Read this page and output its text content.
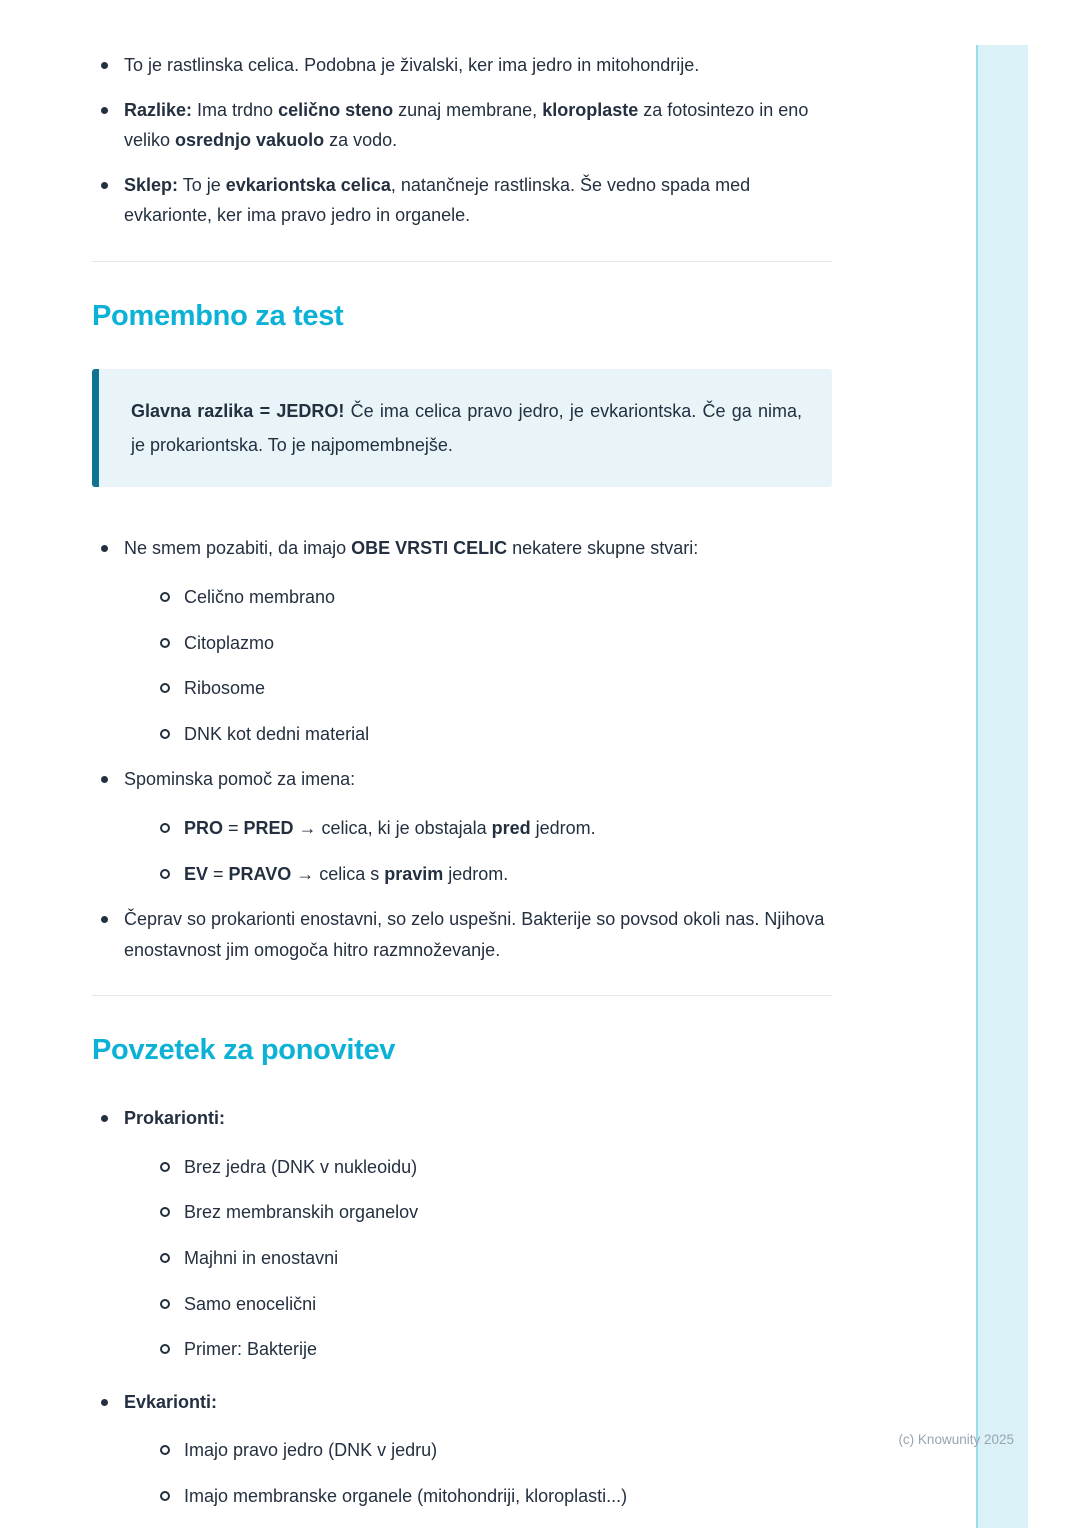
(c) Knowunity 2025
To je rastlinska celica. Podobna je živalski, ker ima jedro in mitohondrije.
Razlike: Ima trdno celično steno zunaj membrane, kloroplaste za fotosintezo in eno veliko osrednjo vakuolo za vodo.
Sklep: To je evkariontska celica, natančneje rastlinska. Še vedno spada med evkarionte, ker ima pravo jedro in organele.
Pomembno za test

Glavna razlika = JEDRO! Če ima celica pravo jedro, je evkariontska. Če ga nima, je prokariontska. To je najpomembnejše.

Ne smem pozabiti, da imajo OBE VRSTI CELIC nekatere skupne stvari:
Celično membrano
Citoplazmo
Ribosome
DNK kot dedni material
Spominska pomoč za imena:
PRO = PRED → celica, ki je obstajala pred jedrom.
EV = PRAVO → celica s pravim jedrom.
Čeprav so prokarionti enostavni, so zelo uspešni. Bakterije so povsod okoli nas. Njihova enostavnost jim omogoča hitro razmnoževanje.
Povzetek za ponovitev
Prokarionti:
Brez jedra (DNK v nukleoidu)
Brez membranskih organelov
Majhni in enostavni
Samo enocelični
Primer: Bakterije
Evkarionti:
Imajo pravo jedro (DNK v jedru)
Imajo membranske organele (mitohondriji, kloroplasti...)
